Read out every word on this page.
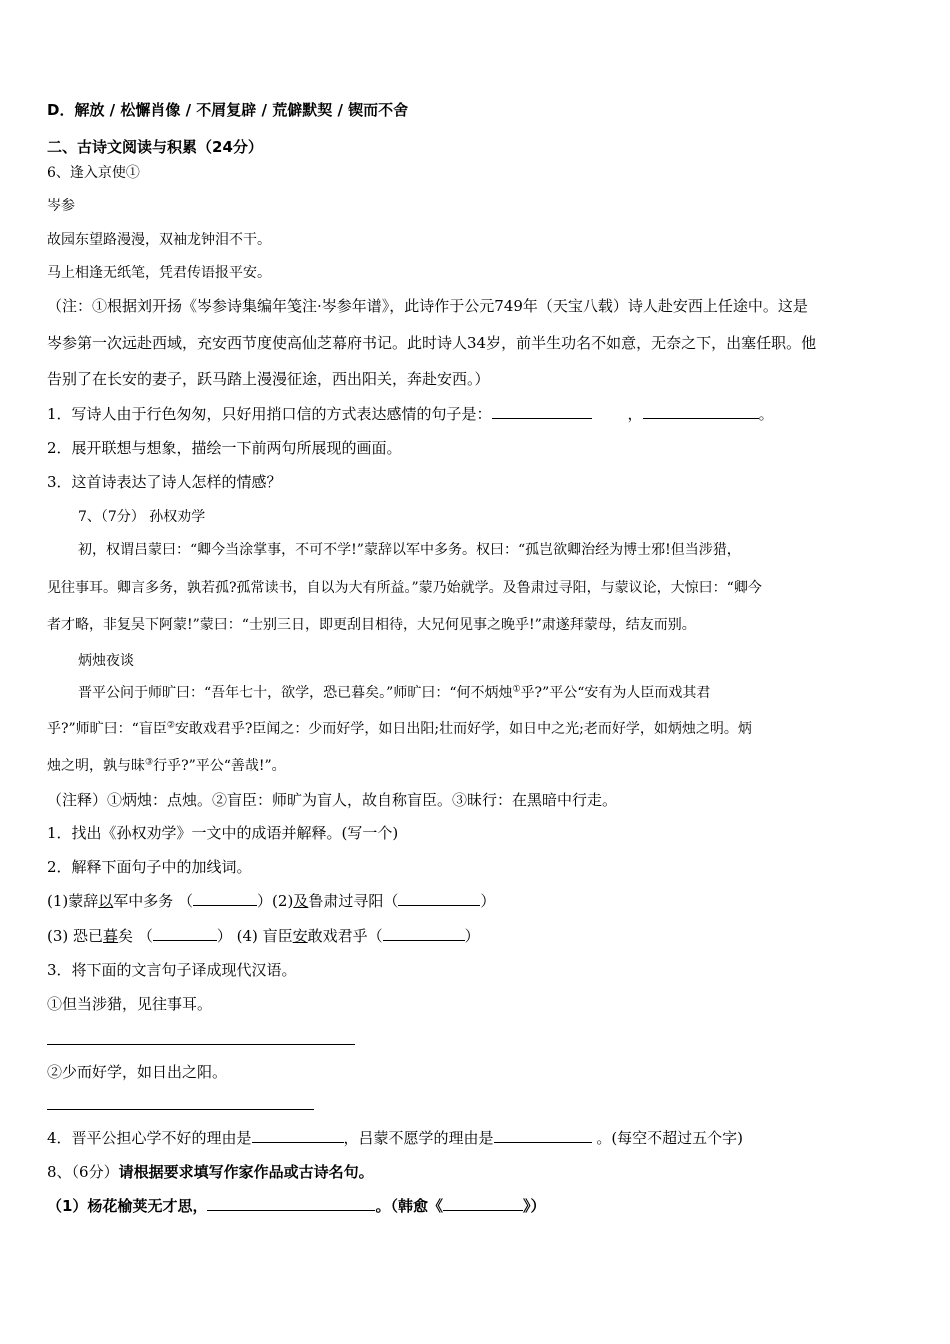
D．解放 / 松懈肖像 / 不屑复辟 / 荒僻默契 / 锲而不舍
二、古诗文阅读与积累（24分）
6、逢入京使①
岑参
故园东望路漫漫，双袖龙钟泪不干。
马上相逢无纸笔，凭君传语报平安。
（注：①根据刘开扬《岑参诗集编年笺注·岑参年谱》，此诗作于公元749年（天宝八载）诗人赴安西上任途中。这是
岑参第一次远赴西域，充安西节度使高仙芝幕府书记。此时诗人34岁，前半生功名不如意，无奈之下，出塞任职。他
告别了在长安的妻子，跃马踏上漫漫征途，西出阳关，奔赴安西。）
1．写诗人由于行色匆匆，只好用捎口信的方式表达感情的句子是：	，	。
2．展开联想与想象，描绘一下前两句所展现的画面。
3．这首诗表达了诗人怎样的情感？
7、（7分） 孙权劝学
初，权谓吕蒙曰：“卿今当涂掌事，不可不学!”蒙辞以军中多务。权曰：“孤岂欲卿治经为博士邪!但当涉猎，
见往事耳。卿言多务，孰若孤?孤常读书，自以为大有所益。”蒙乃始就学。及鲁肃过寻阳，与蒙议论，大惊曰：“卿今
者才略，非复吴下阿蒙!”蒙曰：“士别三日，即更刮目相待，大兄何见事之晚乎!”肃遂拜蒙母，结友而别。
炳烛夜谈
晋平公问于师旷曰：“吾年七十，欲学，恐已暮矣。”师旷曰：“何不炳烛①乎?”平公“安有为人臣而戏其君
乎?”师旷曰：“盲臣②安敢戏君乎?臣闻之：少而好学，如日出阳;壮而好学，如日中之光;老而好学，如炳烛之明。炳
烛之明，孰与昧③行乎?”平公“善哉!”。
（注释）①炳烛：点烛。②盲臣：师旷为盲人，故自称盲臣。③昧行：在黑暗中行走。
1．找出《孙权劝学》一文中的成语并解释。(写一个)
2．解释下面句子中的加线词。
(1)蒙辞以军中多务 （	）(2)及鲁肃过寻阳（	）
(3) 恐已暮矣 （	） (4) 盲臣安敢戏君乎（	）
3．将下面的文言句子译成现代汉语。
①但当涉猎，见往事耳。
②少而好学，如日出之阳。
4．晋平公担心学不好的理由是	，吕蒙不愿学的理由是	。(每空不超过五个字)
8、（6分）请根据要求填写作家作品或古诗名句。
（1）杨花榆荚无才思，	。（韩愈《	》）
